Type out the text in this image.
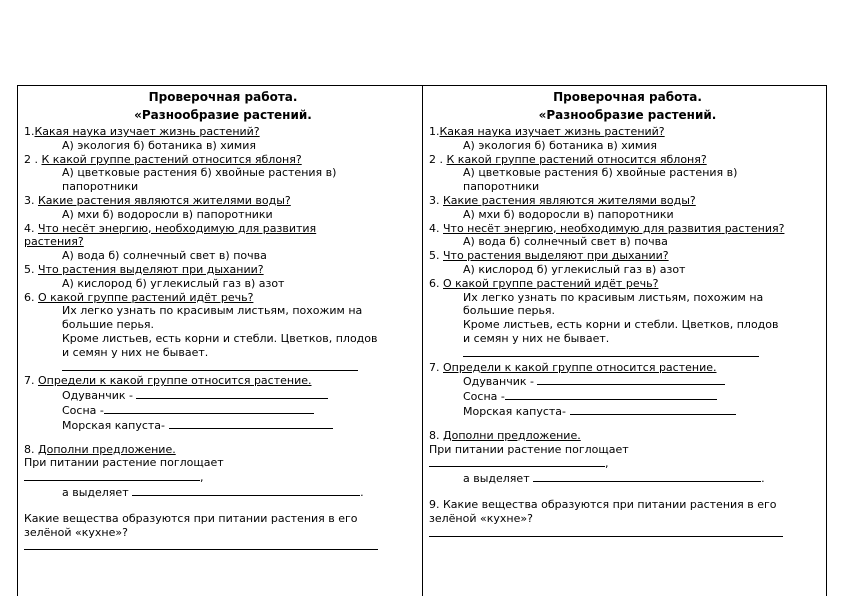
Проверочная работа.
«Разнообразие растений.
1.Какая наука изучает жизнь растений?
А) экология б) ботаника в) химия
2 . К какой группе растений относится яблоня?
А) цветковые растения б) хвойные растения в)
папоротники
3. Какие растения являются жителями воды?
А) мхи б) водоросли в) папоротники
4. Что несёт энергию, необходимую для развития
растения?
А) вода б) солнечный свет в) почва
5. Что растения выделяют при дыхании?
А) кислород б) углекислый газ в) азот
6. О какой группе растений идёт речь?
Их легко узнать по красивым листьям, похожим на
большие перья.
Кроме листьев, есть корни и стебли. Цветков, плодов
и семян у них не бывает.
7. Определи к какой группе относится растение.
Одуванчик -
Сосна -
Морская капуста-
8. Дополни предложение.
При питании растение поглощает
,
а выделяет	.
Какие вещества образуются при питании растения в его
зелёной «кухне»?
Проверочная работа.
«Разнообразие растений.
1.Какая наука изучает жизнь растений?
А) экология б) ботаника в) химия
2 . К какой группе растений относится яблоня?
А) цветковые растения б) хвойные растения в)
папоротники
3. Какие растения являются жителями воды?
А) мхи б) водоросли в) папоротники
4. Что несёт энергию, необходимую для развития растения?
А) вода б) солнечный свет в) почва
5. Что растения выделяют при дыхании?
А) кислород б) углекислый газ в) азот
6. О какой группе растений идёт речь?
Их легко узнать по красивым листьям, похожим на
большие перья.
Кроме листьев, есть корни и стебли. Цветков, плодов
и семян у них не бывает.
7. Определи к какой группе относится растение.
Одуванчик -
Сосна -
Морская капуста-
8. Дополни предложение.
При питании растение поглощает
,
а выделяет	.
9. Какие вещества образуются при питании растения в его
зелёной «кухне»?
